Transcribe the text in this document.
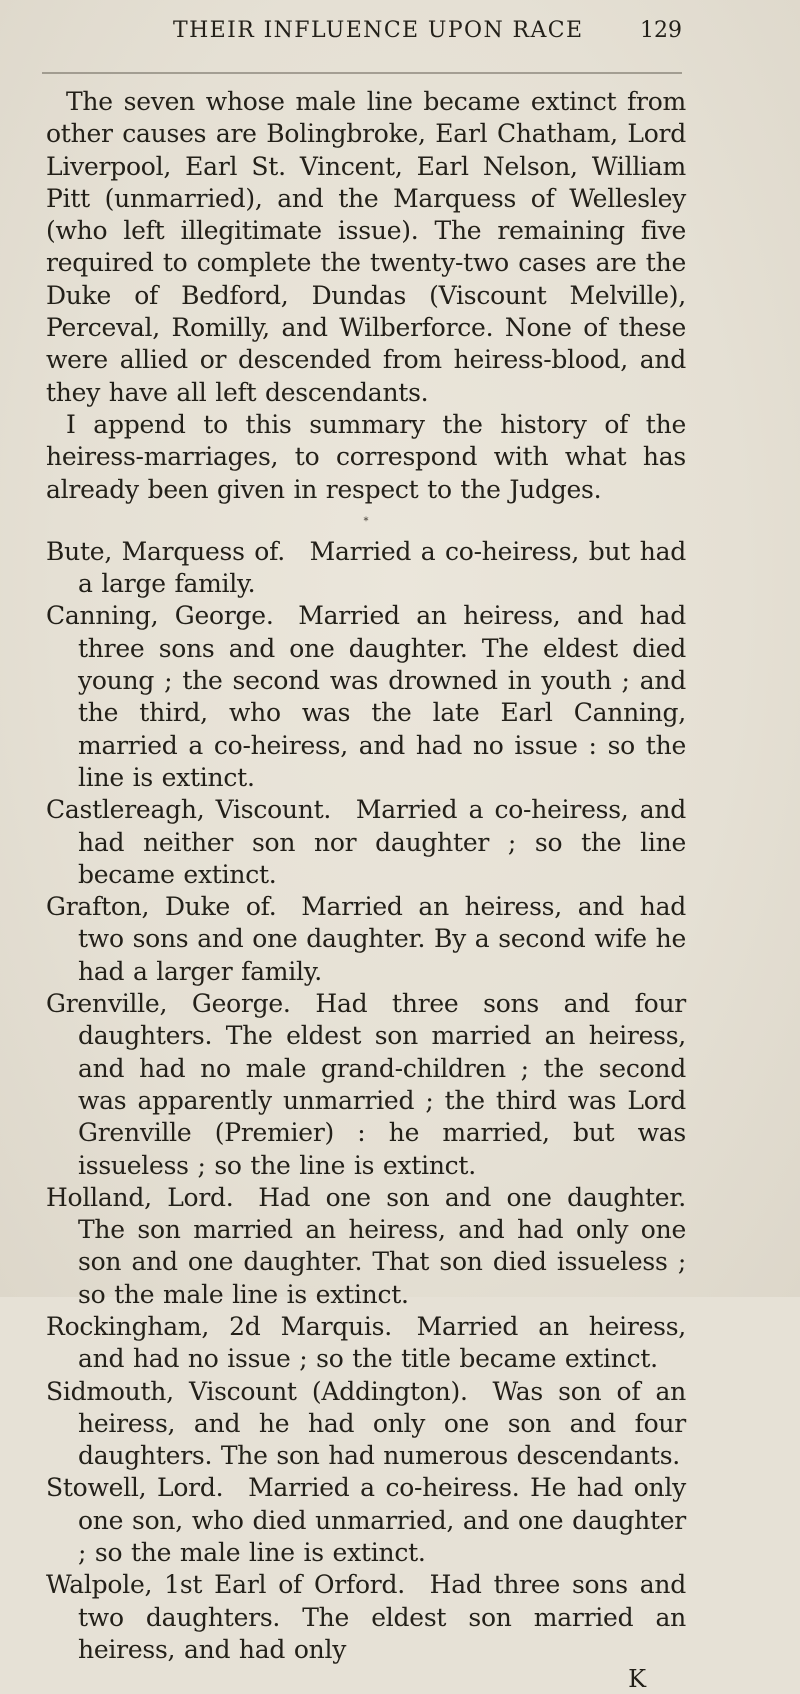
THEIR INFLUENCE UPON RACE	129

The seven whose male line became extinct from other causes are Bolingbroke, Earl Chatham, Lord Liverpool, Earl St. Vincent, Earl Nelson, William Pitt (unmarried), and the Marquess of Wellesley (who left illegitimate issue). The remaining five required to complete the twenty-two cases are the Duke of Bedford, Dundas (Viscount Melville), Perceval, Romilly, and Wilberforce. None of these were allied or descended from heiress-blood, and they have all left descendants.

I append to this summary the history of the heiress-marriages, to correspond with what has already been given in respect to the Judges.

*

Bute, Marquess of.  Married a co-heiress, but had a large family.

Canning, George.  Married an heiress, and had three sons and one daughter. The eldest died young ; the second was drowned in youth ; and the third, who was the late Earl Canning, married a co-heiress, and had no issue : so the line is extinct.

Castlereagh, Viscount.  Married a co-heiress, and had neither son nor daughter ; so the line became extinct.

Grafton, Duke of.  Married an heiress, and had two sons and one daughter. By a second wife he had a larger family.

Grenville, George.  Had three sons and four daughters. The eldest son married an heiress, and had no male grand-children ; the second was apparently unmarried ; the third was Lord Grenville (Premier) : he married, but was issueless ; so the line is extinct.

Holland, Lord.  Had one son and one daughter. The son married an heiress, and had only one son and one daughter. That son died issueless ; so the male line is extinct.

Rockingham, 2d Marquis.  Married an heiress, and had no issue ; so the title became extinct.

Sidmouth, Viscount (Addington).  Was son of an heiress, and he had only one son and four daughters. The son had numerous descendants.

Stowell, Lord.  Married a co-heiress. He had only one son, who died unmarried, and one daughter ; so the male line is extinct.

Walpole, 1st Earl of Orford.  Had three sons and two daughters. The eldest son married an heiress, and had only

K
